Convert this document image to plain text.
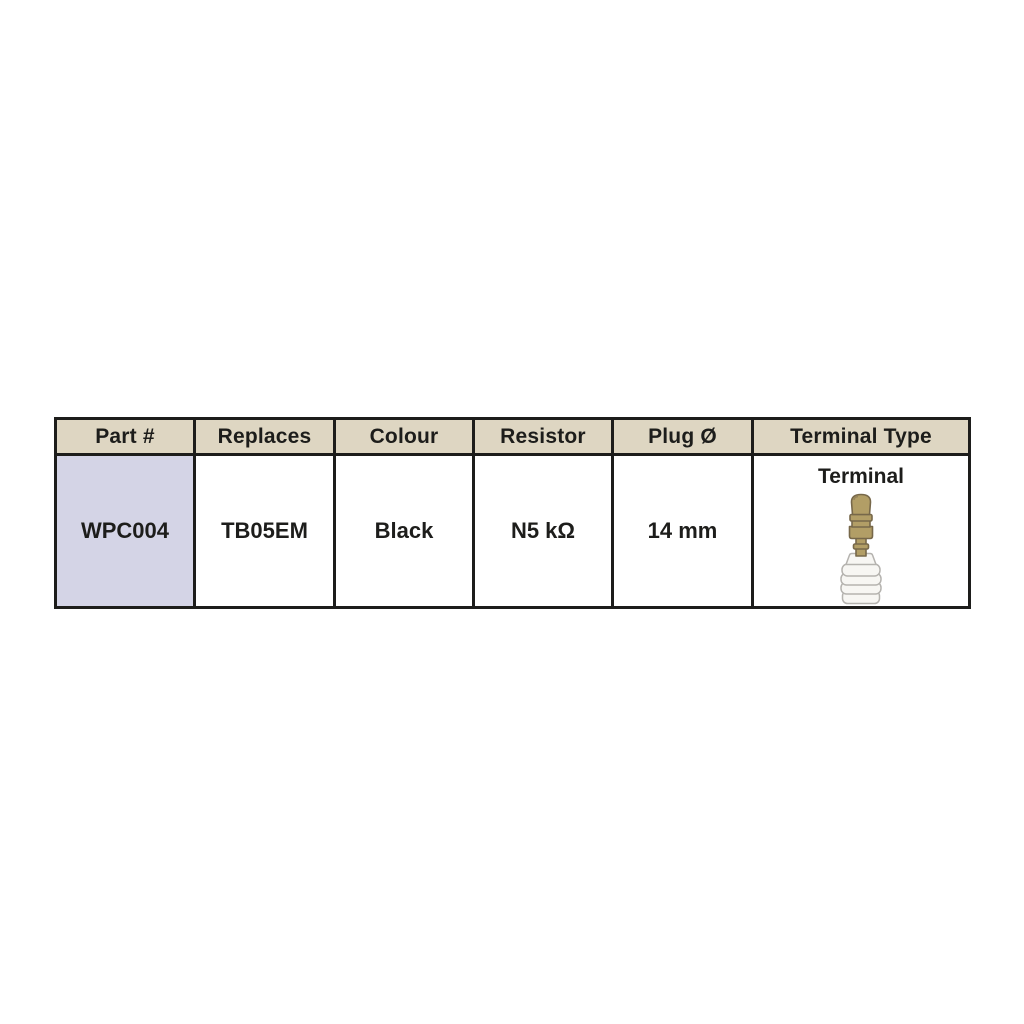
Part #	Replaces	Colour	Resistor	Plug Ø	Terminal Type
WPC004	TB05EM	Black	N5 kΩ	14 mm	Terminal
